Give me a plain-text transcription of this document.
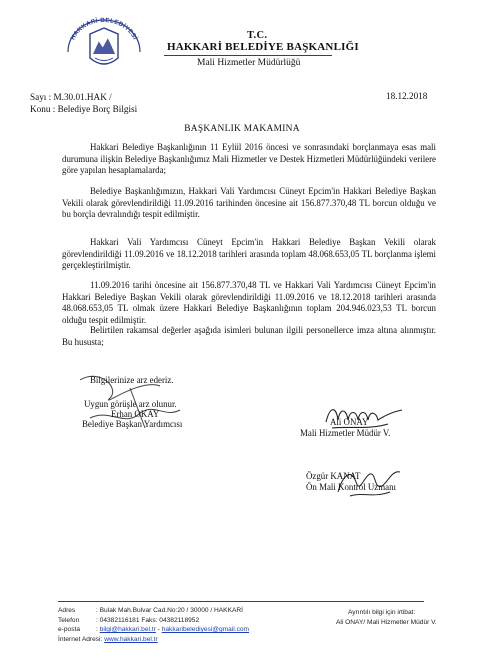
HAKKARİ BELEDİYESİ	T.C.
HAKKARİ BELEDİYE BAŞKANLIĞI
Mali Hizmetler Müdürlüğü
Sayı : M.30.01.HAK /
Konu : Belediye Borç Bilgisi
18.12.2018
BAŞKANLIK MAKAMINA
Hakkari Belediye Başkanlığının 11 Eylül 2016 öncesi ve sonrasındaki borçlanmaya esas mali durumuna ilişkin Belediye Başkanlığımız Mali Hizmetler ve Destek Hizmetleri Müdürlüğündeki verilere göre yapılan hesaplamalarda;
Belediye Başkanlığımızın, Hakkari Vali Yardımcısı Cüneyt Epcim'in Hakkari Belediye Başkan Vekili olarak görevlendirildiği 11.09.2016 tarihinden öncesine ait 156.877.370,48 TL borcun olduğu ve bu borçla devralındığı tespit edilmiştir.
Hakkari Vali Yardımcısı Cüneyt Epcim'in Hakkari Belediye Başkan Vekili olarak görevlendirildiği 11.09.2016 ve 18.12.2018 tarihleri arasında toplam 48.068.653,05 TL borçlanma işlemi gerçekleştirilmiştir.
11.09.2016 tarihi öncesine ait 156.877.370,48 TL ve Hakkari Vali Yardımcısı Cüneyt Epcim'in Hakkari Belediye Başkan Vekili olarak görevlendirildiği 11.09.2016 ve 18.12.2018 tarihleri arasında 48.068.653,05 TL olmak üzere Hakkari Belediye Başkanlığının toplam 204.946.023,53 TL borcun olduğu tespit edilmiştir.
Belirtilen rakamsal değerler aşağıda isimleri bulunan ilgili personellerce imza altına alınmıştır. Bu hususta;
Bilgilerinize arz ederiz.
Uygun görüşle arz olunur.
Erhan OKAY
Belediye Başkan Yardımcısı	Ali ONAY
Mali Hizmetler Müdür V.
Özgür KANAT
Ön Mali Kontrol Uzmanı
Adres	: Bulak Mah.Bulvar Cad.No:20 / 30000 / HAKKARİ
Telefon	: 04382116181 Faks: 04382118952
e-posta : bilgi@hakkari.bel.tr - hakkaribelediyesi@gmail.com
İnternet Adresi: www.hakkari.bel.tr
Ayrıntılı bilgi için irtibat:
Ali ONAY/ Mali Hizmetler Müdür V.
